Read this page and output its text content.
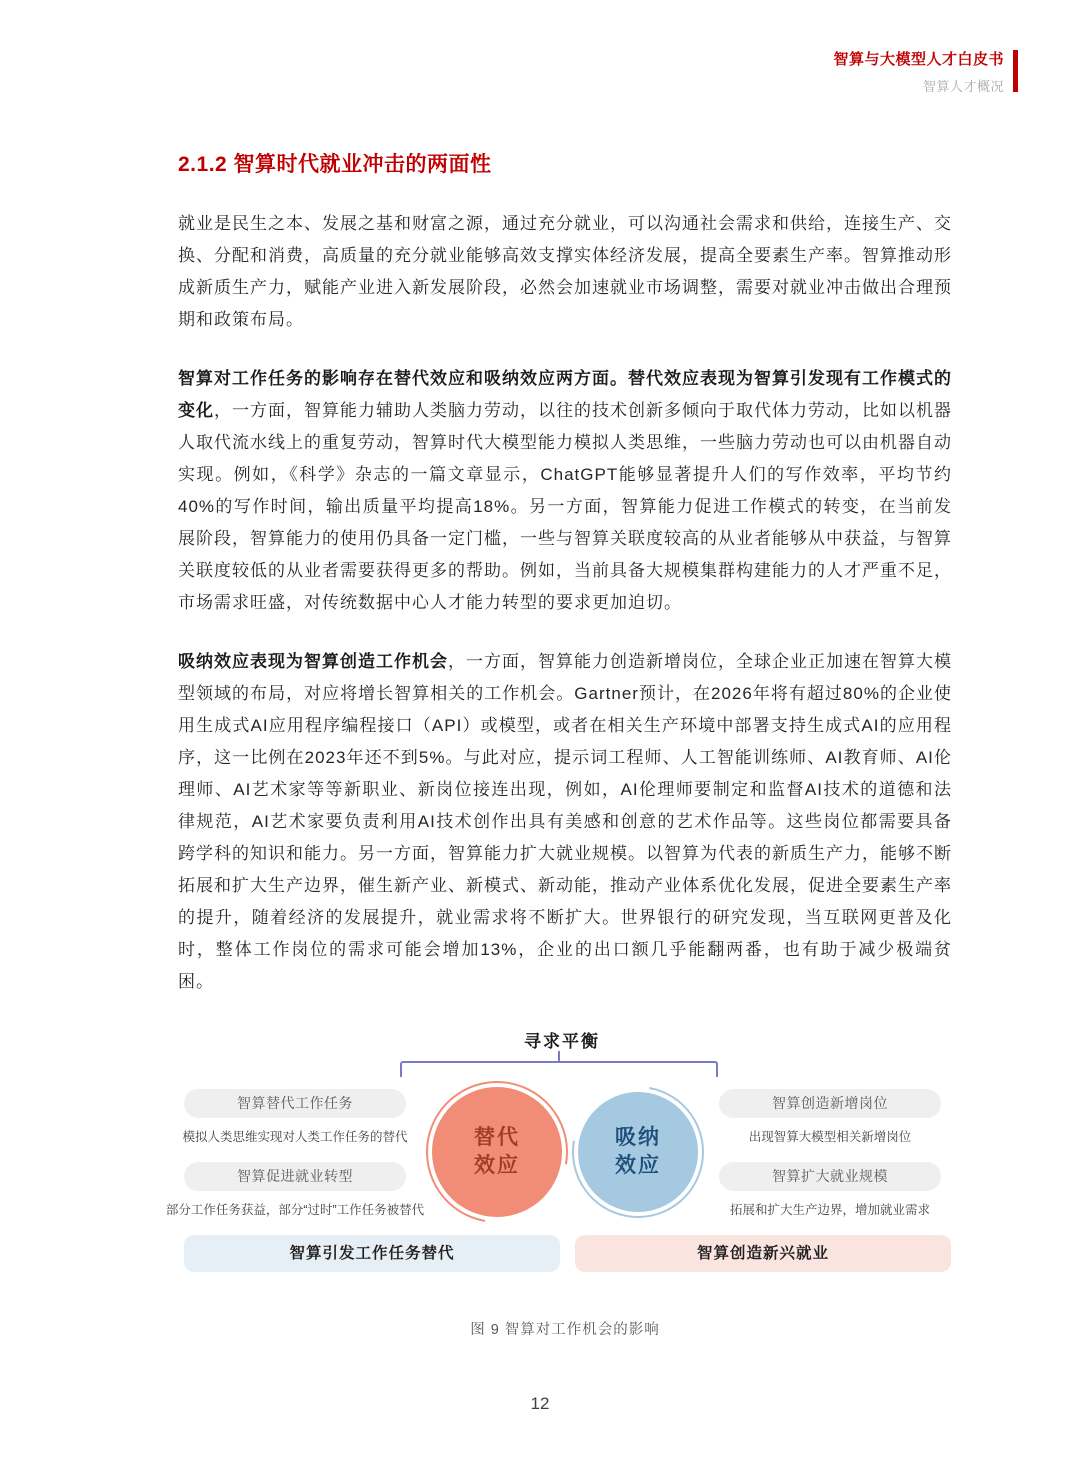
智算与大模型人才白皮书
智算人才概况
2.1.2 智算时代就业冲击的两面性

就业是民生之本、发展之基和财富之源，通过充分就业，可以沟通社会需求和供给，连接生产、交换、分配和消费，高质量的充分就业能够高效支撑实体经济发展，提高全要素生产率。智算推动形成新质生产力，赋能产业进入新发展阶段，必然会加速就业市场调整，需要对就业冲击做出合理预期和政策布局。

智算对工作任务的影响存在替代效应和吸纳效应两方面。替代效应表现为智算引发现有工作模式的变化，一方面，智算能力辅助人类脑力劳动，以往的技术创新多倾向于取代体力劳动，比如以机器人取代流水线上的重复劳动，智算时代大模型能力模拟人类思维，一些脑力劳动也可以由机器自动实现。例如，《科学》杂志的一篇文章显示，ChatGPT能够显著提升人们的写作效率，平均节约40%的写作时间，输出质量平均提高18%。另一方面，智算能力促进工作模式的转变，在当前发展阶段，智算能力的使用仍具备一定门槛，一些与智算关联度较高的从业者能够从中获益，与智算关联度较低的从业者需要获得更多的帮助。例如，当前具备大规模集群构建能力的人才严重不足，市场需求旺盛，对传统数据中心人才能力转型的要求更加迫切。

吸纳效应表现为智算创造工作机会，一方面，智算能力创造新增岗位，全球企业正加速在智算大模型领域的布局，对应将增长智算相关的工作机会。Gartner预计，在2026年将有超过80%的企业使用生成式AI应用程序编程接口（API）或模型，或者在相关生产环境中部署支持生成式AI的应用程序，这一比例在2023年还不到5%。与此对应，提示词工程师、人工智能训练师、AI教育师、AI伦理师、AI艺术家等等新职业、新岗位接连出现，例如，AI伦理师要制定和监督AI技术的道德和法律规范，AI艺术家要负责利用AI技术创作出具有美感和创意的艺术作品等。这些岗位都需要具备跨学科的知识和能力。另一方面，智算能力扩大就业规模。以智算为代表的新质生产力，能够不断拓展和扩大生产边界，催生新产业、新模式、新动能，推动产业体系优化发展，促进全要素生产率的提升，随着经济的发展提升，就业需求将不断扩大。世界银行的研究发现，当互联网更普及化时，整体工作岗位的需求可能会增加13%，企业的出口额几乎能翻两番，也有助于减少极端贫困。

寻求平衡
替代
效应
吸纳
效应
智算替代工作任务
模拟人类思维实现对人类工作任务的替代
智算促进就业转型
部分工作任务获益，部分“过时”工作任务被替代
智算创造新增岗位
出现智算大模型相关新增岗位
智算扩大就业规模
拓展和扩大生产边界，增加就业需求
智算引发工作任务替代	智算创造新兴就业
图 9 智算对工作机会的影响
12
